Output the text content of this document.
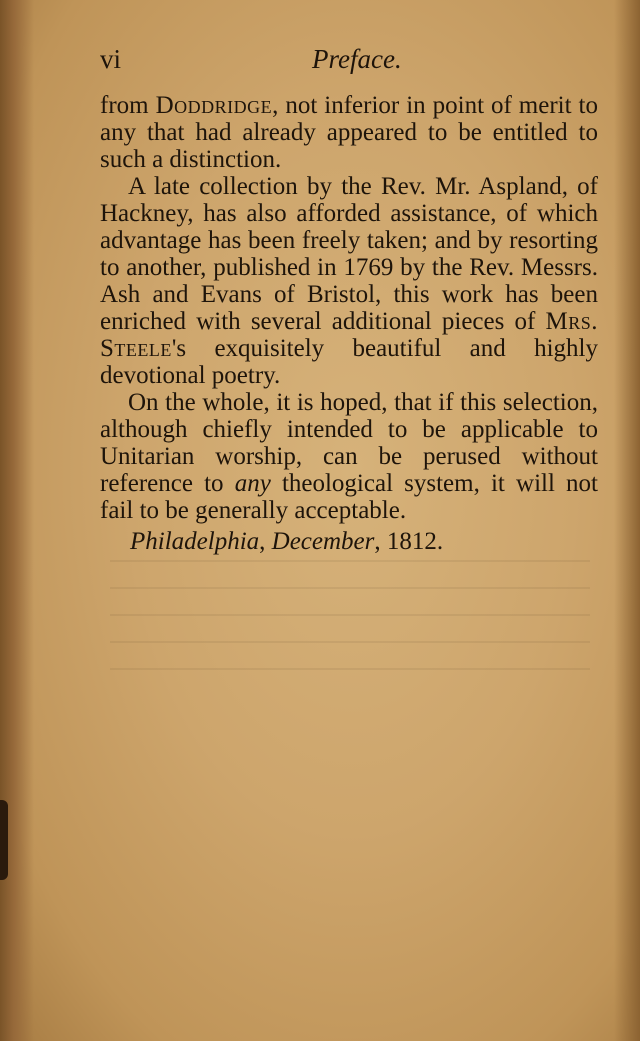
vi	Preface.

from Doddridge, not inferior in point of merit to any that had already appeared to be entitled to such a distinction.

A late collection by the Rev. Mr. Aspland, of Hackney, has also afforded assistance, of which advantage has been freely taken; and by resorting to another, published in 1769 by the Rev. Messrs. Ash and Evans of Bristol, this work has been enriched with several additional pieces of Mrs. Steele's exquisitely beautiful and highly devotional poetry.

On the whole, it is hoped, that if this selection, although chiefly intended to be applicable to Unitarian worship, can be perused without reference to any theological system, it will not fail to be generally acceptable.

Philadelphia, December, 1812.
